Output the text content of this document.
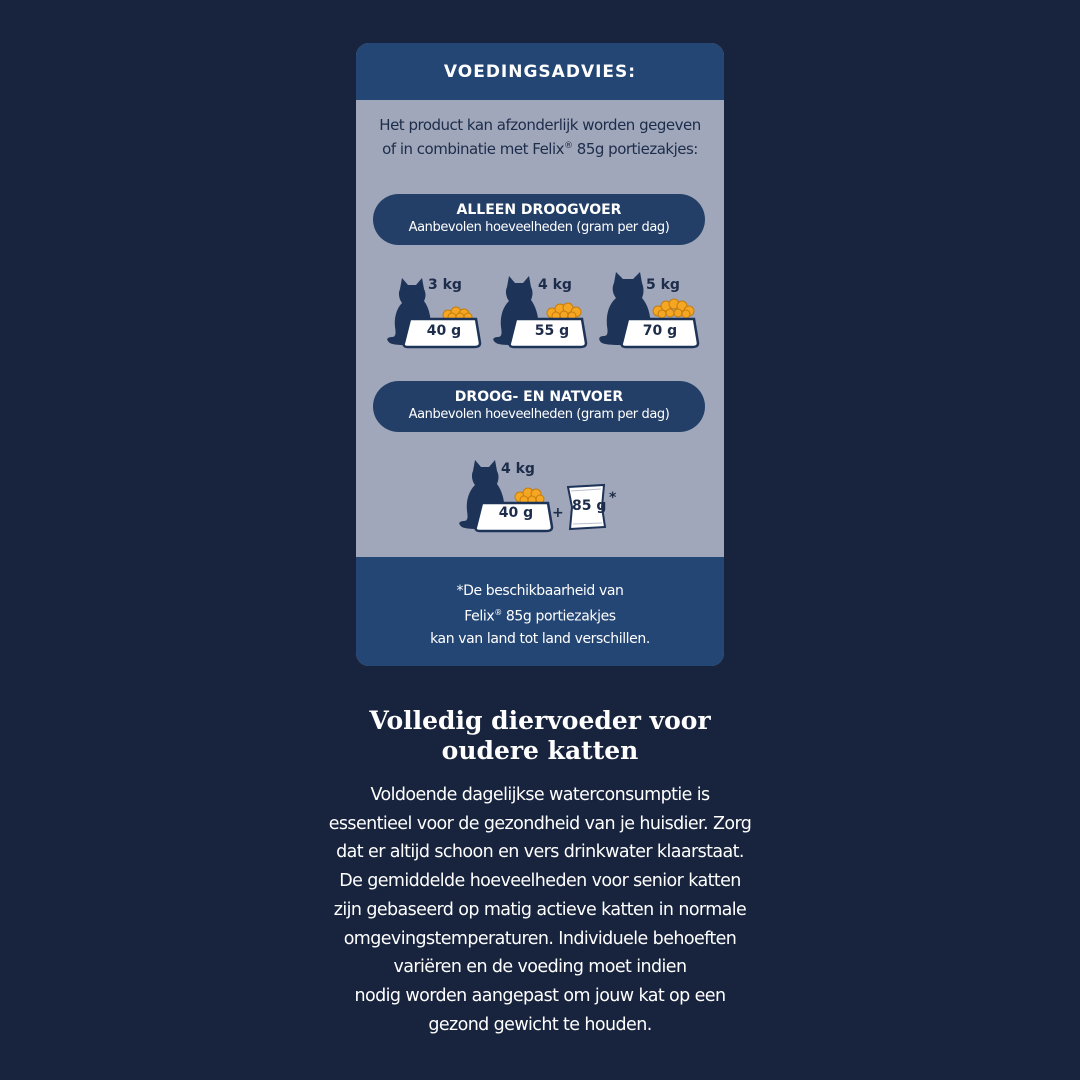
VOEDINGSADVIES:
Het product kan afzonderlijk worden gegeven
of in combinatie met Felix® 85g portiezakjes:
ALLEEN DROOGVOER
Aanbevolen hoeveelheden (gram per dag)
3 kg
40 g
4 kg
55 g
5 kg
70 g
DROOG- EN NATVOER
Aanbevolen hoeveelheden (gram per dag)
4 kg
40 g	+ 85 g *
*De beschikbaarheid van
Felix® 85g portiezakjes
kan van land tot land verschillen.
Volledig diervoeder voor
oudere katten
Voldoende dagelijkse waterconsumptie is
essentieel voor de gezondheid van je huisdier. Zorg
dat er altijd schoon en vers drinkwater klaarstaat.
De gemiddelde hoeveelheden voor senior katten
zijn gebaseerd op matig actieve katten in normale
omgevingstemperaturen. Individuele behoeften
variëren en de voeding moet indien
nodig worden aangepast om jouw kat op een
gezond gewicht te houden.
